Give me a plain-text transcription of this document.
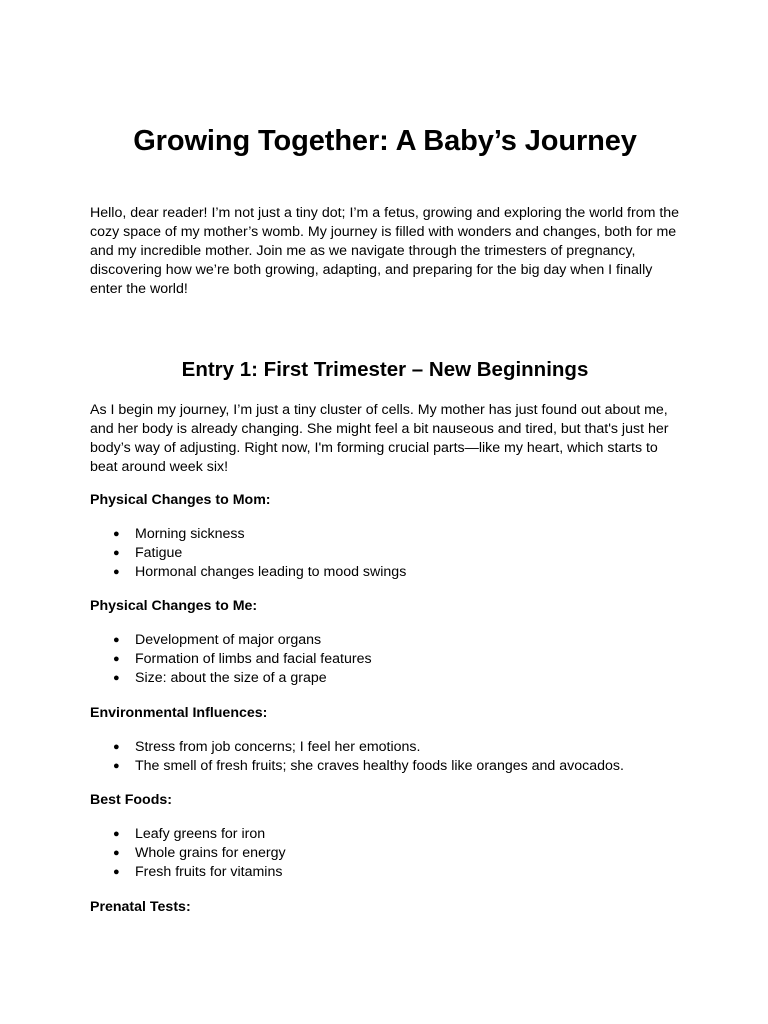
Growing Together: A Baby’s Journey

Hello, dear reader! I’m not just a tiny dot; I’m a fetus, growing and exploring the world from the cozy space of my mother’s womb. My journey is filled with wonders and changes, both for me and my incredible mother. Join me as we navigate through the trimesters of pregnancy, discovering how we’re both growing, adapting, and preparing for the big day when I finally enter the world!

Entry 1: First Trimester – New Beginnings

As I begin my journey, I’m just a tiny cluster of cells. My mother has just found out about me, and her body is already changing. She might feel a bit nauseous and tired, but that's just her body’s way of adjusting. Right now, I'm forming crucial parts—like my heart, which starts to beat around week six!

Physical Changes to Mom:

● Morning sickness
● Fatigue
● Hormonal changes leading to mood swings

Physical Changes to Me:

● Development of major organs
● Formation of limbs and facial features
● Size: about the size of a grape

Environmental Influences:

● Stress from job concerns; I feel her emotions.
● The smell of fresh fruits; she craves healthy foods like oranges and avocados.

Best Foods:

● Leafy greens for iron
● Whole grains for energy
● Fresh fruits for vitamins

Prenatal Tests:
